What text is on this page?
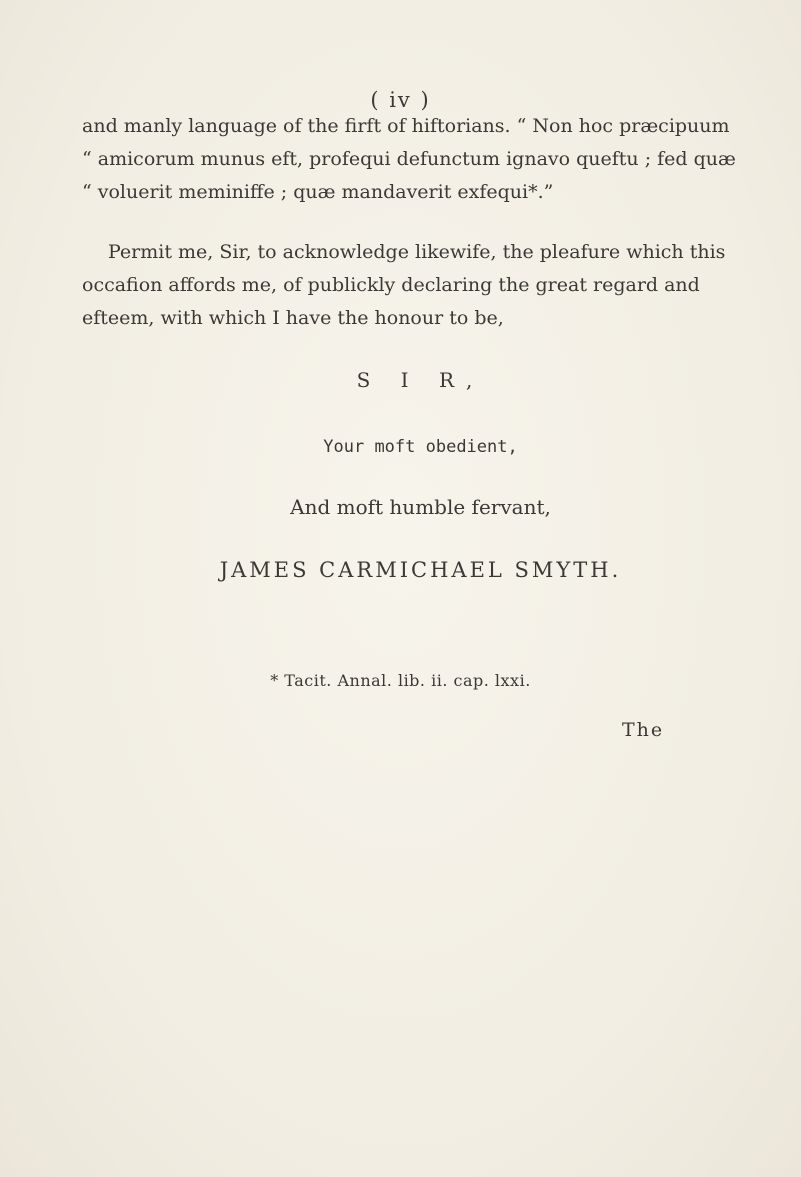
( iv )
and manly language of the firft of hiftorians. “ Non hoc præcipuum
“ amicorum munus eft, profequi defunctum ignavo queftu ; fed quæ
“ voluerit meminiffe ; quæ mandaverit exfequi*.”
Permit me, Sir, to acknowledge likewife, the pleafure which this
occafion affords me, of publickly declaring the great regard and
efteem, with which I have the honour to be,
S I R,
Your moft obedient,
And moft humble fervant,
JAMES CARMICHAEL SMYTH.
* Tacit. Annal. lib. ii. cap. lxxi.
The
